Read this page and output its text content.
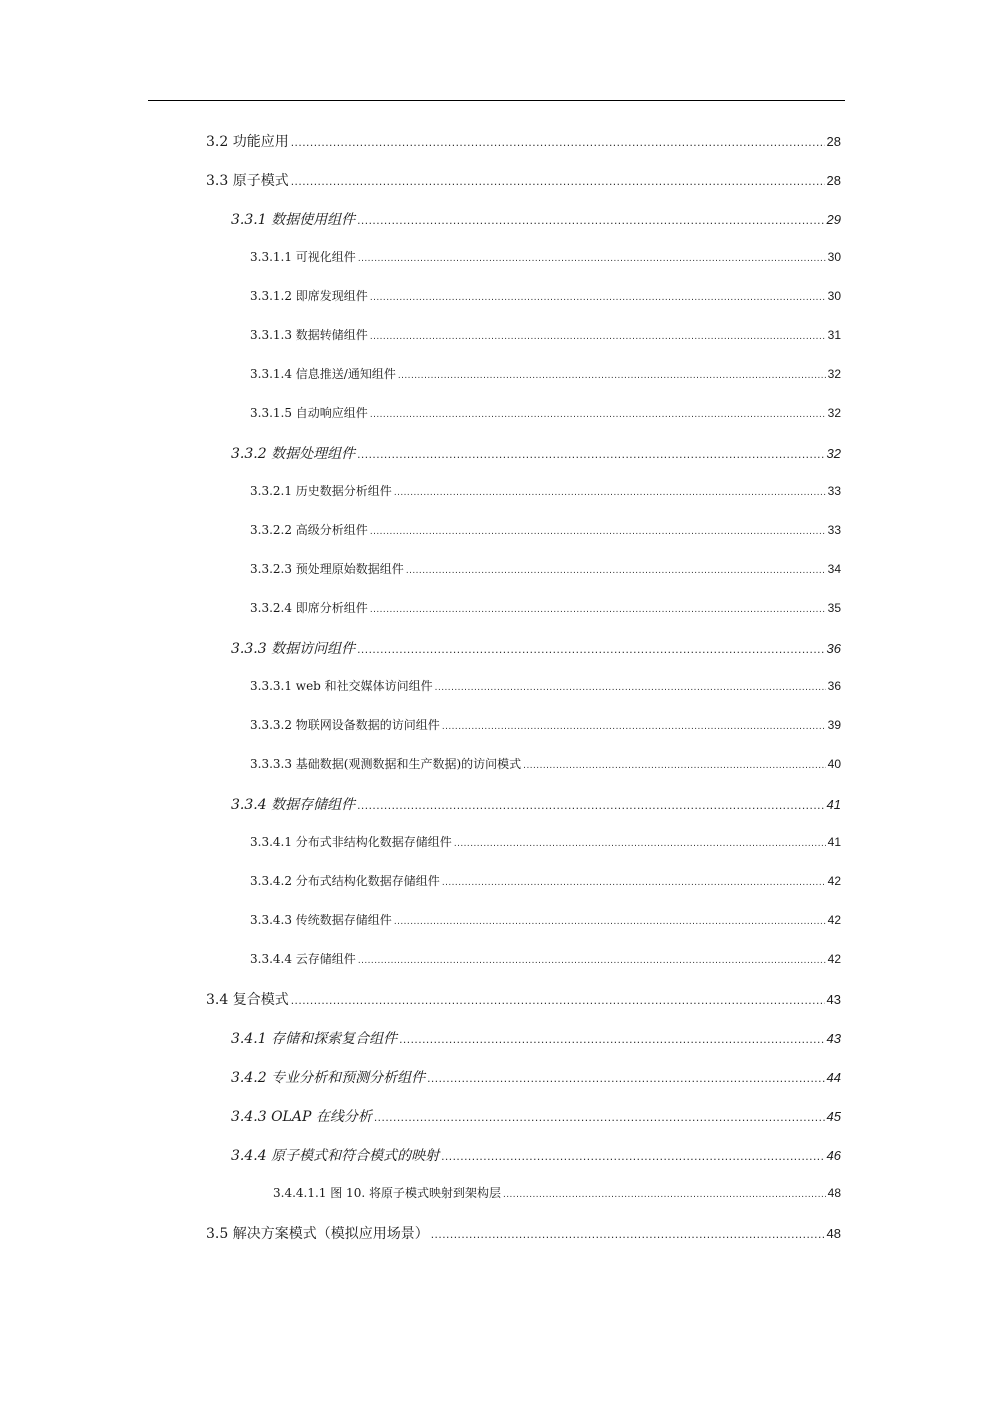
3.2 功能应用 .....	28
3.3 原子模式 .....	28
3.3.1 数据使用组件 .....	29
3.3.1.1 可视化组件 .....	30
3.3.1.2 即席发现组件 .....	30
3.3.1.3 数据转储组件 .....	31
3.3.1.4 信息推送/通知组件 .....	32
3.3.1.5 自动响应组件 .....	32
3.3.2 数据处理组件 .....	32
3.3.2.1 历史数据分析组件 .....	33
3.3.2.2 高级分析组件 .....	33
3.3.2.3 预处理原始数据组件 .....	34
3.3.2.4 即席分析组件 .....	35
3.3.3 数据访问组件 .....	36
3.3.3.1 web 和社交媒体访问组件 .....	36
3.3.3.2 物联网设备数据的访问组件 .....	39
3.3.3.3 基础数据(观测数据和生产数据)的访问模式 .....	40
3.3.4 数据存储组件 .....	41
3.3.4.1 分布式非结构化数据存储组件 .....	41
3.3.4.2 分布式结构化数据存储组件 .....	42
3.3.4.3 传统数据存储组件 .....	42
3.3.4.4 云存储组件 .....	42
3.4 复合模式 .....	43
3.4.1 存储和探索复合组件 .....	43
3.4.2 专业分析和预测分析组件 .....	44
3.4.3 OLAP 在线分析 .....	45
3.4.4 原子模式和符合模式的映射 .....	46
3.4.4.1.1 图 10. 将原子模式映射到架构层 .....	48
3.5 解决方案模式（模拟应用场景） .....	48
